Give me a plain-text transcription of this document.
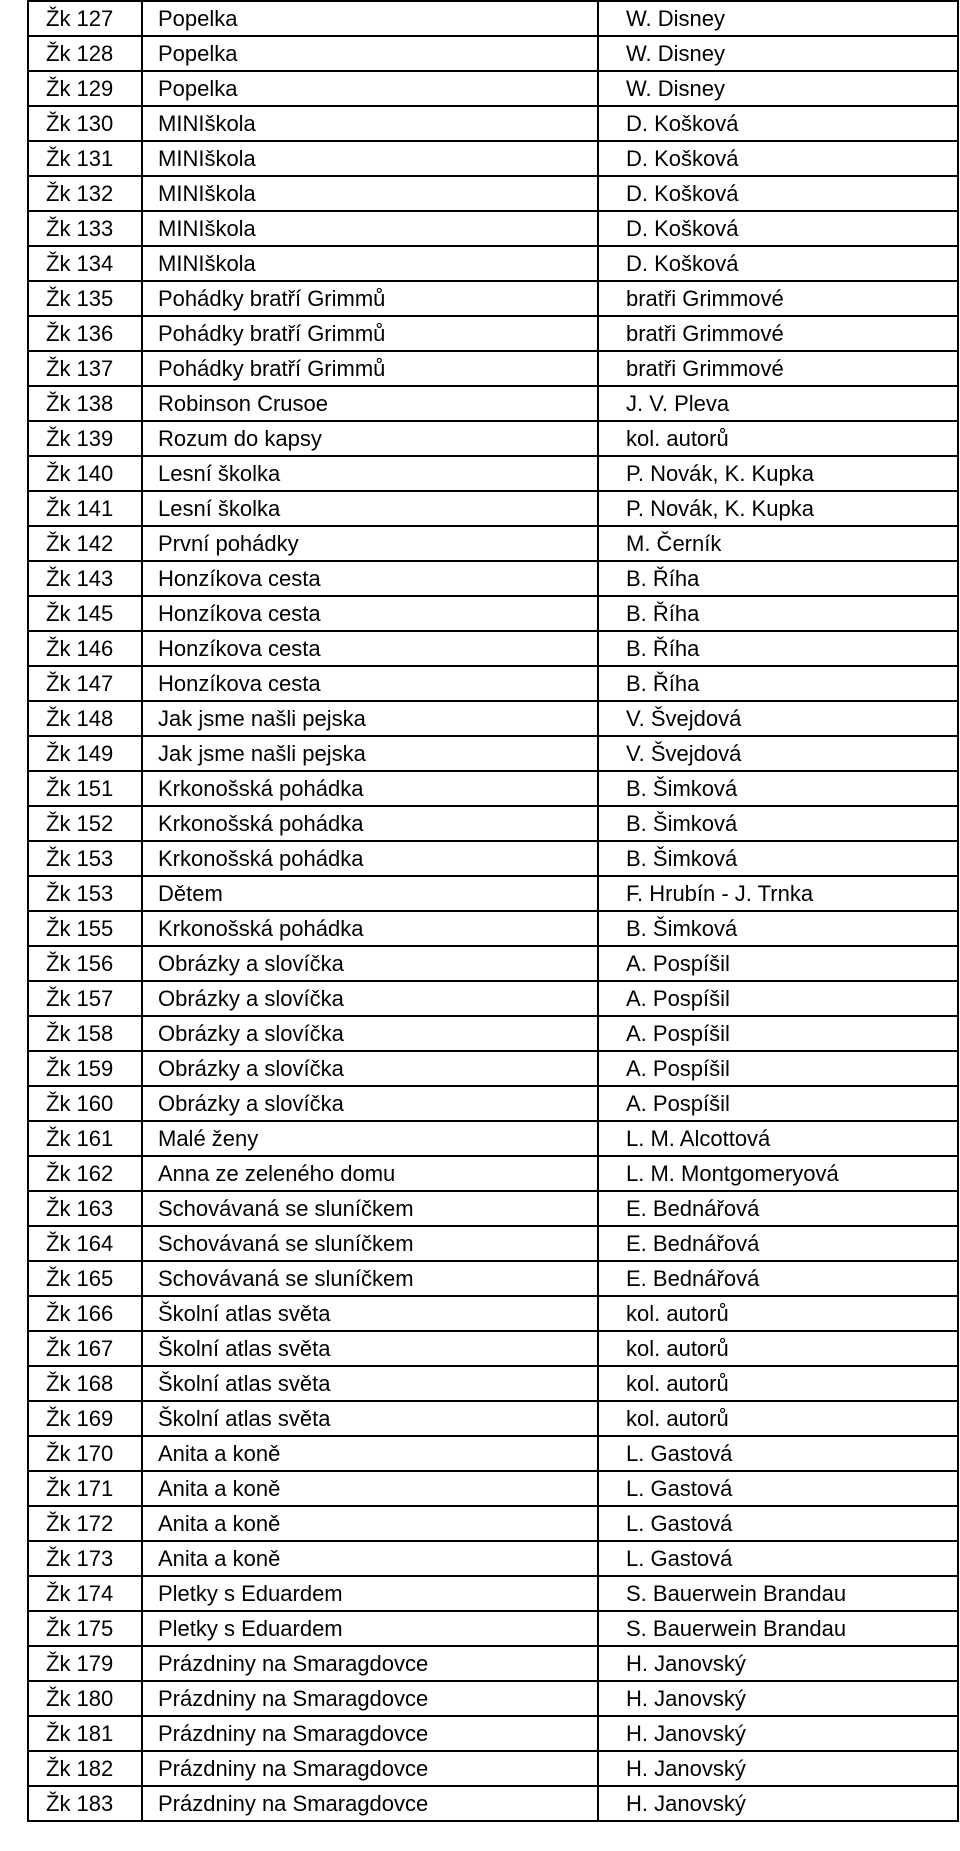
Žk 127	Popelka	W. Disney
Žk 128	Popelka	W. Disney
Žk 129	Popelka	W. Disney
Žk 130	MINIškola	D. Košková
Žk 131	MINIškola	D. Košková
Žk 132	MINIškola	D. Košková
Žk 133	MINIškola	D. Košková
Žk 134	MINIškola	D. Košková
Žk 135	Pohádky bratří Grimmů	bratři Grimmové
Žk 136	Pohádky bratří Grimmů	bratři Grimmové
Žk 137	Pohádky bratří Grimmů	bratři Grimmové
Žk 138	Robinson Crusoe	J. V. Pleva
Žk 139	Rozum do kapsy	kol. autorů
Žk 140	Lesní školka	P. Novák, K. Kupka
Žk 141	Lesní školka	P. Novák, K. Kupka
Žk 142	První pohádky	M. Černík
Žk 143	Honzíkova cesta	B. Říha
Žk 145	Honzíkova cesta	B. Říha
Žk 146	Honzíkova cesta	B. Říha
Žk 147	Honzíkova cesta	B. Říha
Žk 148	Jak jsme našli pejska	V. Švejdová
Žk 149	Jak jsme našli pejska	V. Švejdová
Žk 151	Krkonošská pohádka	B. Šimková
Žk 152	Krkonošská pohádka	B. Šimková
Žk 153	Krkonošská pohádka	B. Šimková
Žk 153	Dětem	F. Hrubín - J. Trnka
Žk 155	Krkonošská pohádka	B. Šimková
Žk 156	Obrázky a slovíčka	A. Pospíšil
Žk 157	Obrázky a slovíčka	A. Pospíšil
Žk 158	Obrázky a slovíčka	A. Pospíšil
Žk 159	Obrázky a slovíčka	A. Pospíšil
Žk 160	Obrázky a slovíčka	A. Pospíšil
Žk 161	Malé ženy	L. M. Alcottová
Žk 162	Anna ze zeleného domu	L. M. Montgomeryová
Žk 163	Schovávaná se sluníčkem	E. Bednářová
Žk 164	Schovávaná se sluníčkem	E. Bednářová
Žk 165	Schovávaná se sluníčkem	E. Bednářová
Žk 166	Školní atlas světa	kol. autorů
Žk 167	Školní atlas světa	kol. autorů
Žk 168	Školní atlas světa	kol. autorů
Žk 169	Školní atlas světa	kol. autorů
Žk 170	Anita a koně	L. Gastová
Žk 171	Anita a koně	L. Gastová
Žk 172	Anita a koně	L. Gastová
Žk 173	Anita a koně	L. Gastová
Žk 174	Pletky s Eduardem	S. Bauerwein Brandau
Žk 175	Pletky s Eduardem	S. Bauerwein Brandau
Žk 179	Prázdniny na Smaragdovce	H. Janovský
Žk 180	Prázdniny na Smaragdovce	H. Janovský
Žk 181	Prázdniny na Smaragdovce	H. Janovský
Žk 182	Prázdniny na Smaragdovce	H. Janovský
Žk 183	Prázdniny na Smaragdovce	H. Janovský
